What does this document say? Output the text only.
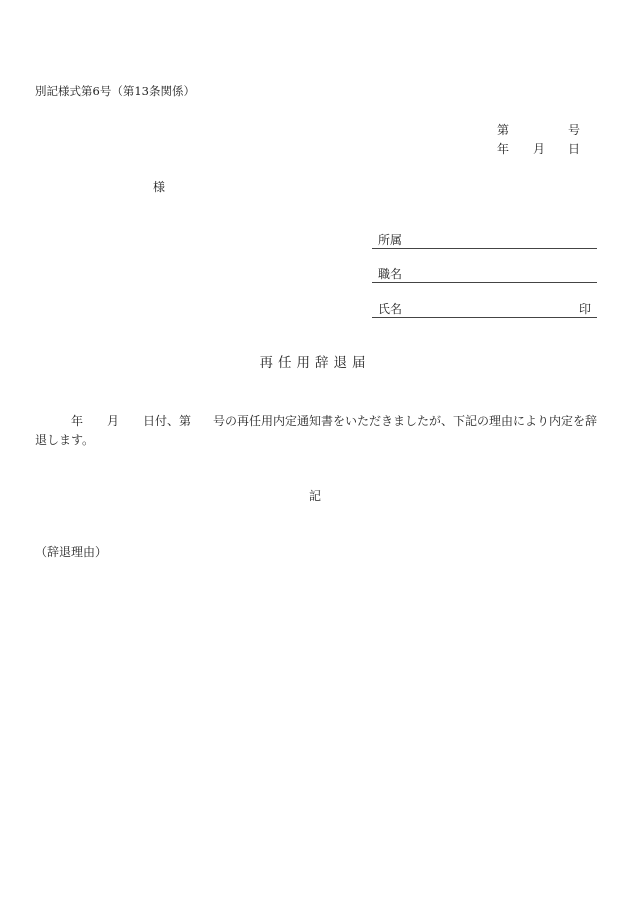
別記様式第6号（第13条関係）
第	号
年 月 日
様
所属
職名
氏名	印
再任用辞退届
年 月 日付、第 号の再任用内定通知書をいただきましたが、下記の理由により内定を辞
退します。
記
（辞退理由）
